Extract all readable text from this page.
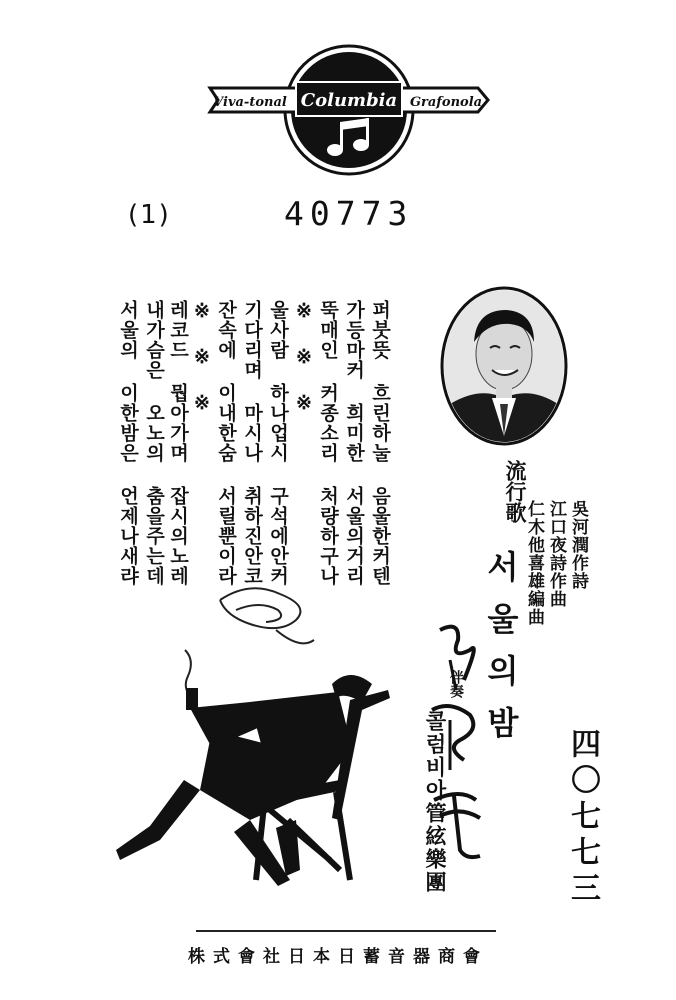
Viva-tonal Columbia Grafonola
(1)	40773
퍼붓뜻 흐린하눌 음울한커텐
가등마커 희미한 서울의거리
뚝매인 커종소리 처량하구나
※ ※ ※
울사람 하나업시 구석에안커
기다리며 마시나 취하진안코
잔속에 이내한숨 서릴뿐이라
※ ※ ※
레코드 뭡아가며 잡시의노레
내가슴은 오노의 춤을주는데
서울의 이한밤은 언제나새랴	流行歌
서울의밤
吳河潤作詩
江口夜詩作曲
仁木他喜雄編曲
伴奏
콜럼비아管絃樂團	四〇七七三
會商器音蓄日本日社會式株
